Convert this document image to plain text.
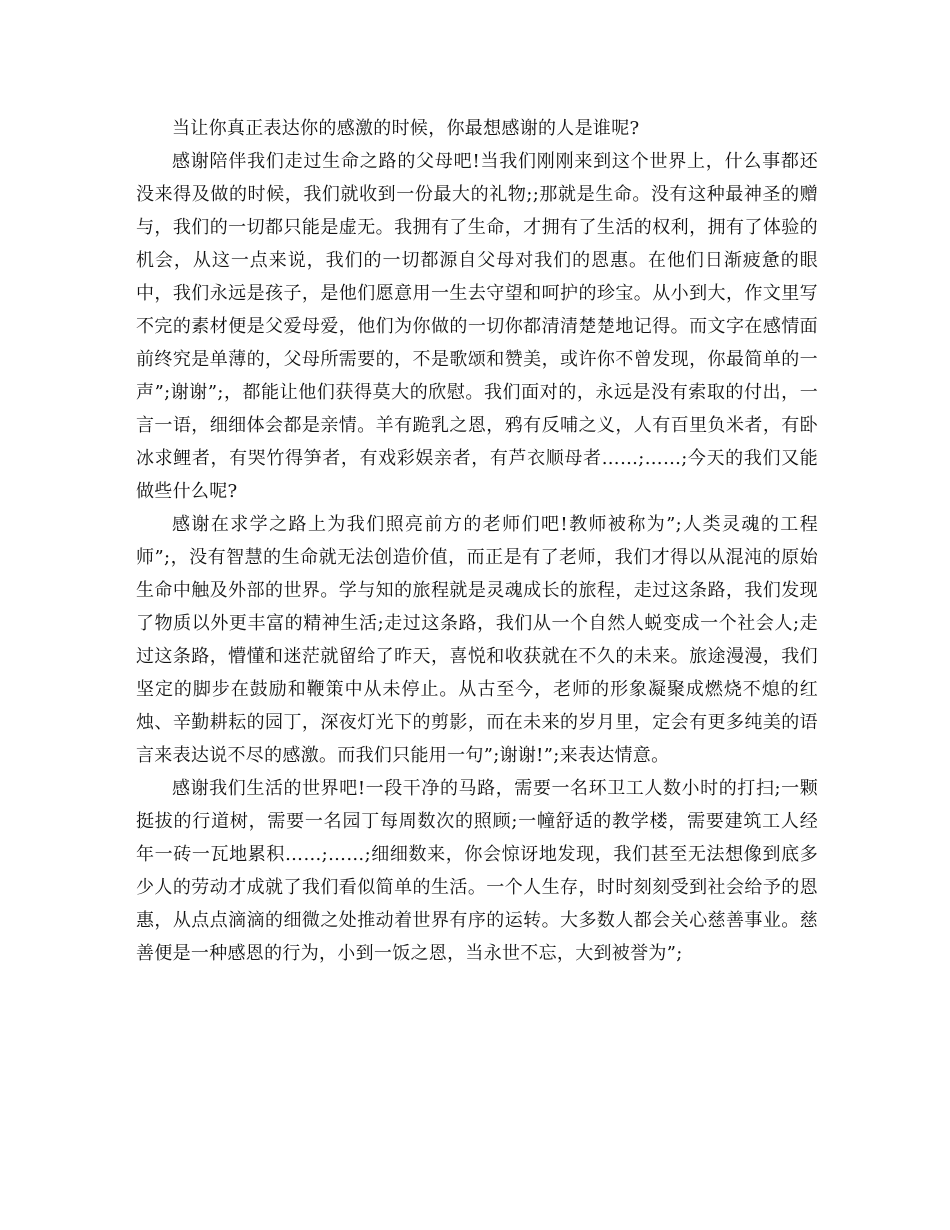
当让你真正表达你的感激的时候，你最想感谢的人是谁呢?

感谢陪伴我们走过生命之路的父母吧!当我们刚刚来到这个世界上，什么事都还没来得及做的时候，我们就收到一份最大的礼物;;那就是生命。没有这种最神圣的赠与，我们的一切都只能是虚无。我拥有了生命，才拥有了生活的权利，拥有了体验的机会，从这一点来说，我们的一切都源自父母对我们的恩惠。在他们日渐疲惫的眼中，我们永远是孩子，是他们愿意用一生去守望和呵护的珍宝。从小到大，作文里写不完的素材便是父爱母爱，他们为你做的一切你都清清楚楚地记得。而文字在感情面前终究是单薄的，父母所需要的，不是歌颂和赞美，或许你不曾发现，你最简单的一声”;谢谢”;，都能让他们获得莫大的欣慰。我们面对的，永远是没有索取的付出，一言一语，细细体会都是亲情。羊有跪乳之恩，鸦有反哺之义，人有百里负米者，有卧冰求鲤者，有哭竹得笋者，有戏彩娱亲者，有芦衣顺母者……;……;今天的我们又能做些什么呢?

感谢在求学之路上为我们照亮前方的老师们吧!教师被称为”;人类灵魂的工程师”;，没有智慧的生命就无法创造价值，而正是有了老师，我们才得以从混沌的原始生命中触及外部的世界。学与知的旅程就是灵魂成长的旅程，走过这条路，我们发现了物质以外更丰富的精神生活;走过这条路，我们从一个自然人蜕变成一个社会人;走过这条路，懵懂和迷茫就留给了昨天，喜悦和收获就在不久的未来。旅途漫漫，我们坚定的脚步在鼓励和鞭策中从未停止。从古至今，老师的形象凝聚成燃烧不熄的红烛、辛勤耕耘的园丁，深夜灯光下的剪影，而在未来的岁月里，定会有更多纯美的语言来表达说不尽的感激。而我们只能用一句”;谢谢!”;来表达情意。

感谢我们生活的世界吧!一段干净的马路，需要一名环卫工人数小时的打扫;一颗挺拔的行道树，需要一名园丁每周数次的照顾;一幢舒适的教学楼，需要建筑工人经年一砖一瓦地累积……;……;细细数来，你会惊讶地发现，我们甚至无法想像到底多少人的劳动才成就了我们看似简单的生活。一个人生存，时时刻刻受到社会给予的恩惠，从点点滴滴的细微之处推动着世界有序的运转。大多数人都会关心慈善事业。慈善便是一种感恩的行为，小到一饭之恩，当永世不忘，大到被誉为”;
